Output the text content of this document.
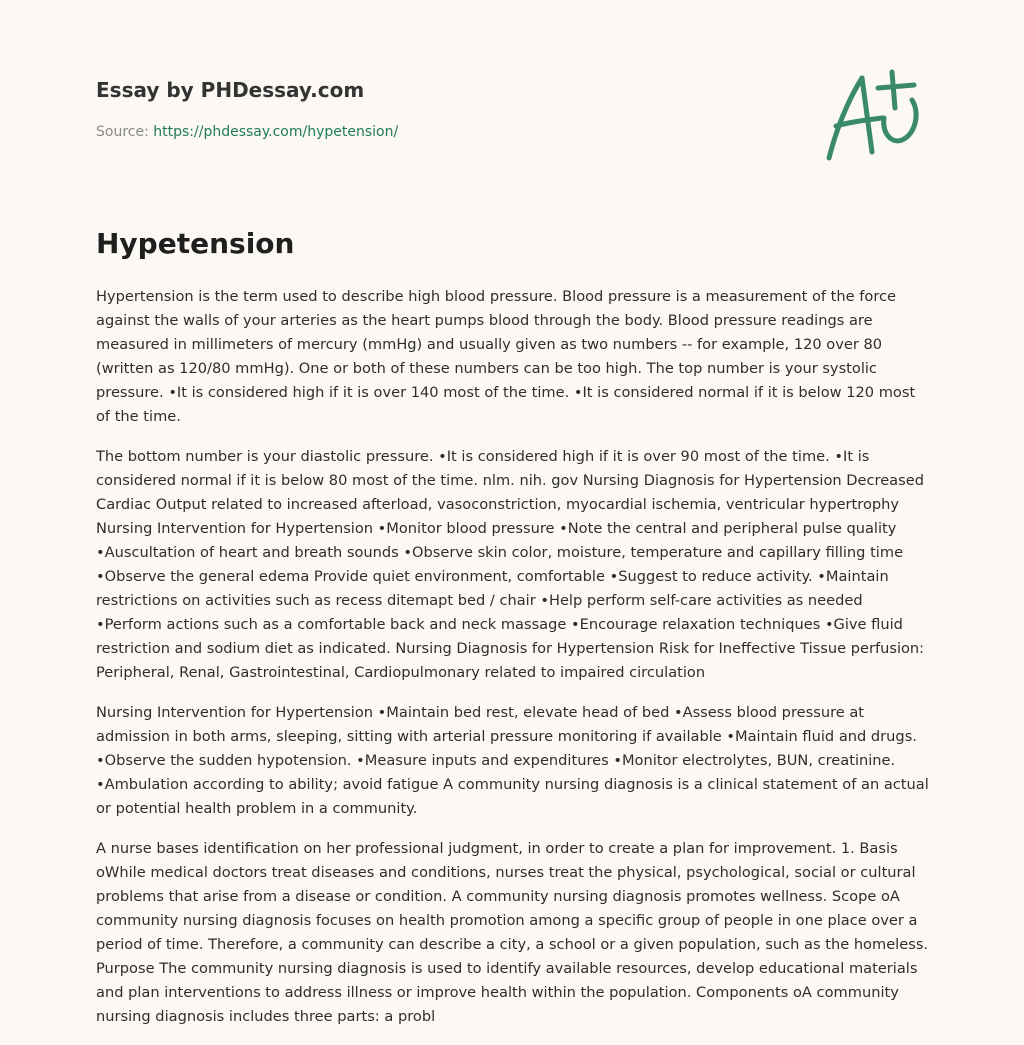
Essay by PHDessay.com
Source: https://phdessay.com/hypetension/
Hypetension

Hypertension is the term used to describe high blood pressure. Blood pressure is a measurement of the force against the walls of your arteries as the heart pumps blood through the body. Blood pressure readings are measured in millimeters of mercury (mmHg) and usually given as two numbers -- for example, 120 over 80 (written as 120/80 mmHg). One or both of these numbers can be too high. The top number is your systolic pressure. •It is considered high if it is over 140 most of the time. •It is considered normal if it is below 120 most of the time.

The bottom number is your diastolic pressure. •It is considered high if it is over 90 most of the time. •It is considered normal if it is below 80 most of the time. nlm. nih. gov Nursing Diagnosis for Hypertension Decreased Cardiac Output related to increased afterload, vasoconstriction, myocardial ischemia, ventricular hypertrophy Nursing Intervention for Hypertension •Monitor blood pressure •Note the central and peripheral pulse quality •Auscultation of heart and breath sounds •Observe skin color, moisture, temperature and capillary filling time •Observe the general edema Provide quiet environment, comfortable •Suggest to reduce activity. •Maintain restrictions on activities such as recess ditemapt bed / chair •Help perform self-care activities as needed •Perform actions such as a comfortable back and neck massage •Encourage relaxation techniques •Give fluid restriction and sodium diet as indicated. Nursing Diagnosis for Hypertension Risk for Ineffective Tissue perfusion: Peripheral, Renal, Gastrointestinal, Cardiopulmonary related to impaired circulation

Nursing Intervention for Hypertension •Maintain bed rest, elevate head of bed •Assess blood pressure at admission in both arms, sleeping, sitting with arterial pressure monitoring if available •Maintain fluid and drugs. •Observe the sudden hypotension. •Measure inputs and expenditures •Monitor electrolytes, BUN, creatinine. •Ambulation according to ability; avoid fatigue A community nursing diagnosis is a clinical statement of an actual or potential health problem in a community.

A nurse bases identification on her professional judgment, in order to create a plan for improvement. 1. Basis oWhile medical doctors treat diseases and conditions, nurses treat the physical, psychological, social or cultural problems that arise from a disease or condition. A community nursing diagnosis promotes wellness. Scope oA community nursing diagnosis focuses on health promotion among a specific group of people in one place over a period of time. Therefore, a community can describe a city, a school or a given population, such as the homeless. Purpose The community nursing diagnosis is used to identify available resources, develop educational materials and plan interventions to address illness or improve health within the population. Components oA community nursing diagnosis includes three parts: a probl
